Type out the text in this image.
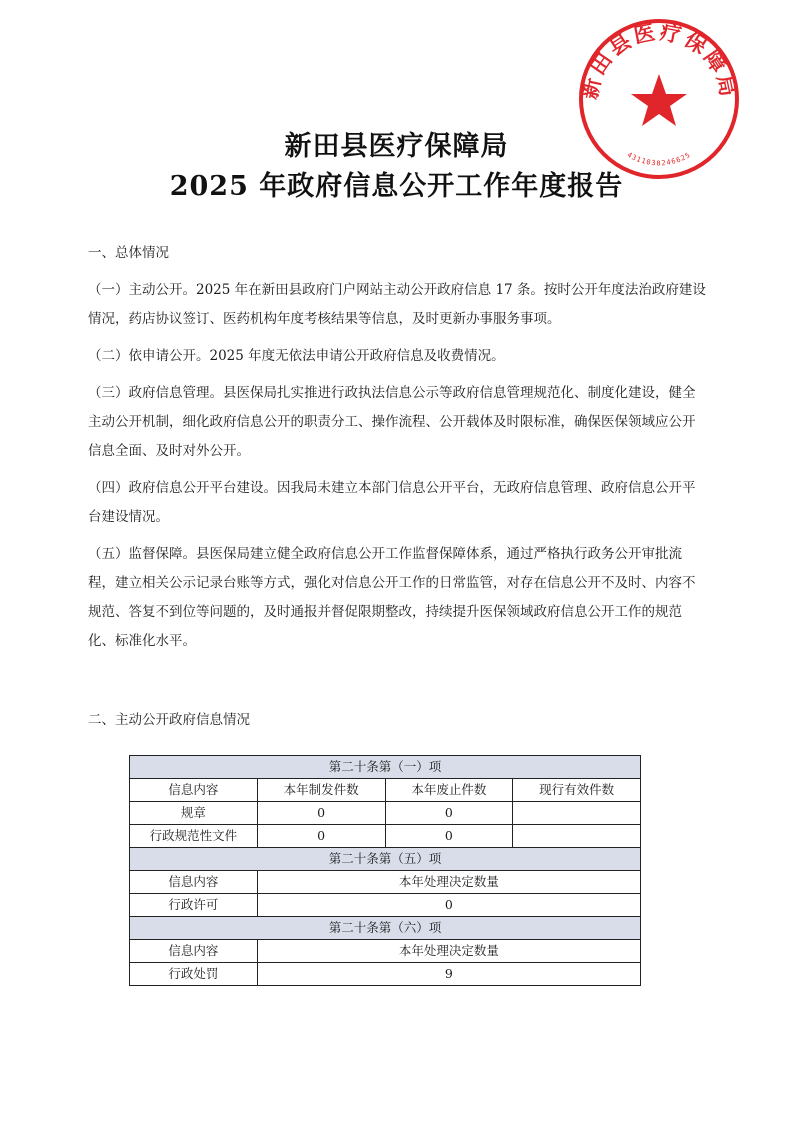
新田县医疗保障局
4311038246625
新田县医疗保障局
2025 年政府信息公开工作年度报告
一、总体情况

（一）主动公开。2025 年在新田县政府门户网站主动公开政府信息 17 条。按时公开年度法治政府建设情况，药店协议签订、医药机构年度考核结果等信息，及时更新办事服务事项。

（二）依申请公开。2025 年度无依法申请公开政府信息及收费情况。

（三）政府信息管理。县医保局扎实推进行政执法信息公示等政府信息管理规范化、制度化建设，健全主动公开机制，细化政府信息公开的职责分工、操作流程、公开载体及时限标准，确保医保领域应公开信息全面、及时对外公开。

（四）政府信息公开平台建设。因我局未建立本部门信息公开平台，无政府信息管理、政府信息公开平台建设情况。

（五）监督保障。县医保局建立健全政府信息公开工作监督保障体系，通过严格执行政务公开审批流程，建立相关公示记录台账等方式，强化对信息公开工作的日常监管，对存在信息公开不及时、内容不规范、答复不到位等问题的，及时通报并督促限期整改，持续提升医保领域政府信息公开工作的规范化、标准化水平。

二、主动公开政府信息情况
第二十条第（一）项			
信息内容	本年制发件数	本年废止件数	现行有效件数
规章	0	0	
行政规范性文件	0	0	
第二十条第（五）项			
信息内容	本年处理决定数量		
行政许可	0		
第二十条第（六）项			
信息内容	本年处理决定数量		
行政处罚	9		
